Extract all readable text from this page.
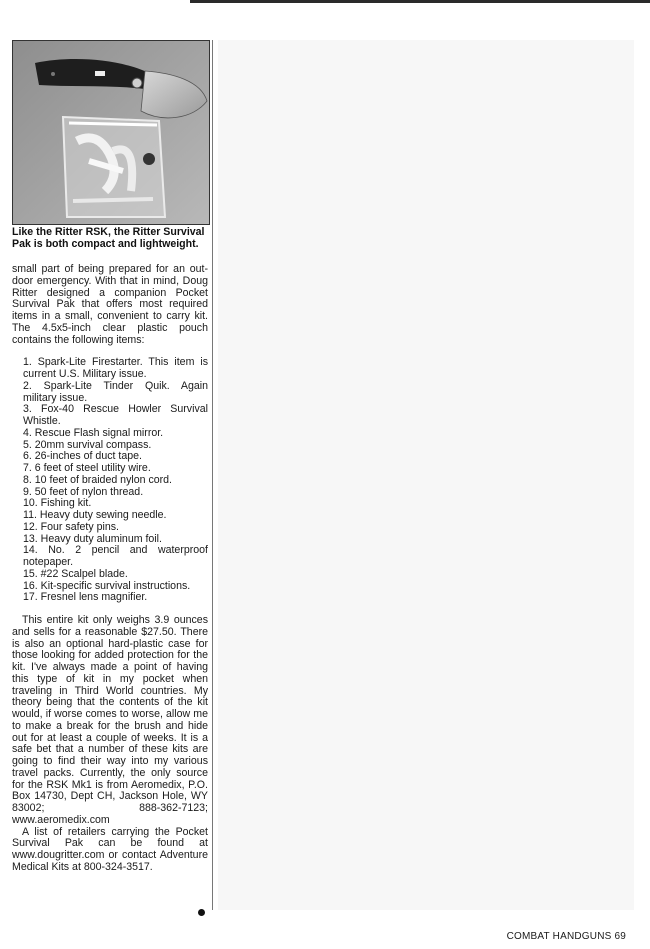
Like the Ritter RSK, the Ritter Survival Pak is both compact and lightweight.

small part of being prepared for an out-door emergency. With that in mind, Doug Ritter designed a companion Pocket Survival Pak that offers most required items in a small, convenient to carry kit. The 4.5x5-inch clear plastic pouch contains the following items:

1. Spark-Lite Firestarter. This item is current U.S. Military issue.
2. Spark-Lite Tinder Quik. Again military issue.
3. Fox-40 Rescue Howler Survival Whistle.
4. Rescue Flash signal mirror.
5. 20mm survival compass.
6. 26-inches of duct tape.
7. 6 feet of steel utility wire.
8. 10 feet of braided nylon cord.
9. 50 feet of nylon thread.
10. Fishing kit.
11. Heavy duty sewing needle.
12. Four safety pins.
13. Heavy duty aluminum foil.
14. No. 2 pencil and waterproof notepaper.
15. #22 Scalpel blade.
16. Kit-specific survival instructions.
17. Fresnel lens magnifier.

This entire kit only weighs 3.9 ounces and sells for a reasonable $27.50. There is also an optional hard-plastic case for those looking for added protection for the kit. I've always made a point of having this type of kit in my pocket when traveling in Third World countries. My theory being that the contents of the kit would, if worse comes to worse, allow me to make a break for the brush and hide out for at least a couple of weeks. It is a safe bet that a number of these kits are going to find their way into my various travel packs. Currently, the only source for the RSK Mk1 is from Aeromedix, P.O. Box 14730, Dept CH, Jackson Hole, WY 83002; 888-362-7123; www.aeromedix.com

A list of retailers carrying the Pocket Survival Pak can be found at www.dougritter.com or contact Adventure Medical Kits at 800-324-3517.

COMBAT HANDGUNS 69
